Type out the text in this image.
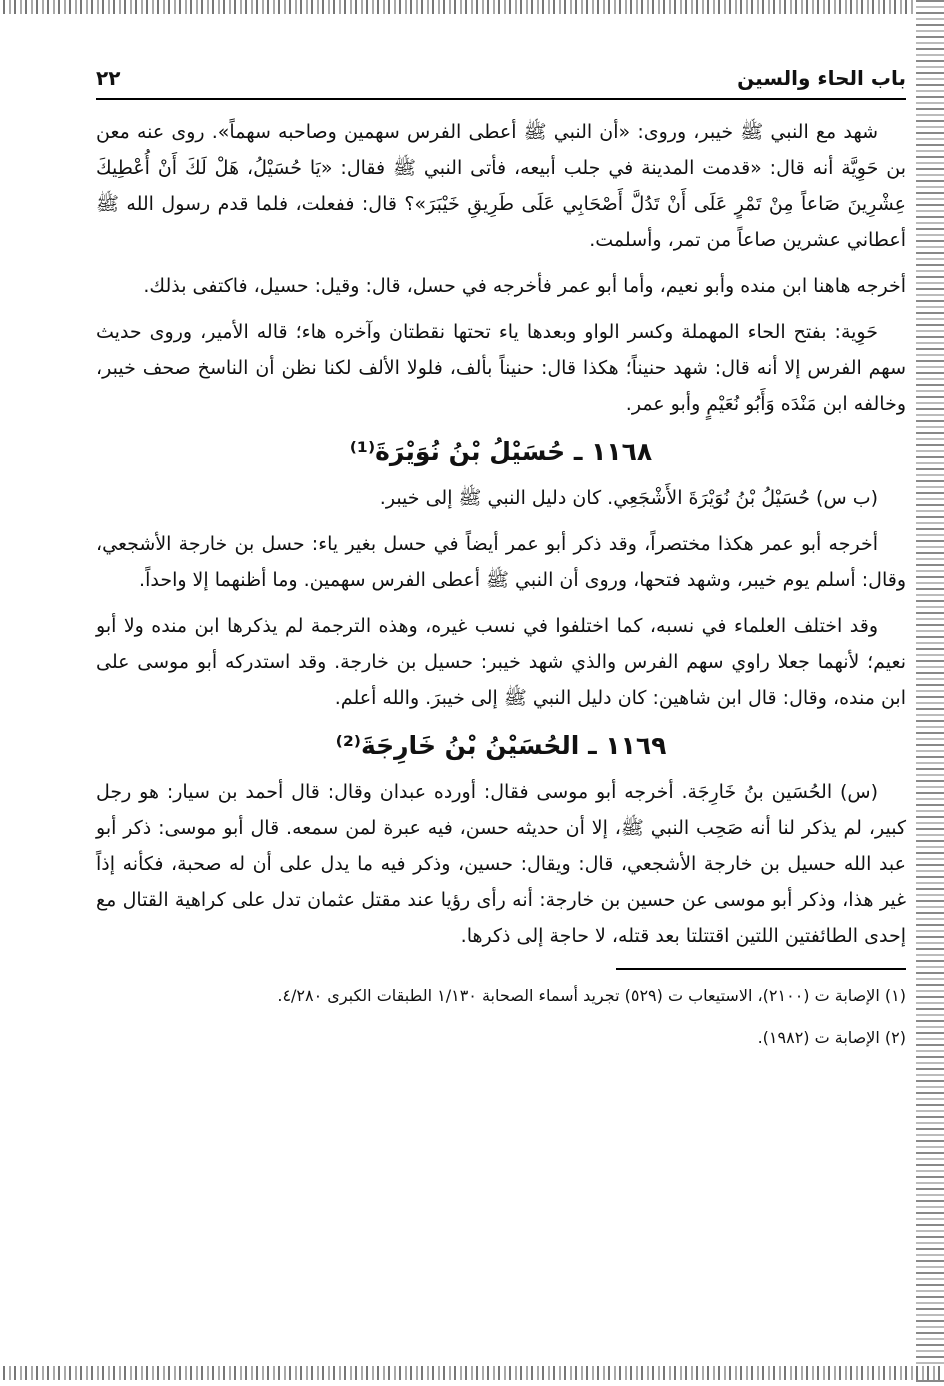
باب الحاء والسين
٢٢

شهد مع النبي ﷺ خيبر، وروى: «أن النبي ﷺ أعطى الفرس سهمين وصاحبه سهماً». روى عنه معن بن حَوِيَّة أنه قال: «قدمت المدينة في جلب أبيعه، فأتى النبي ﷺ فقال: «يَا حُسَيْلُ، هَلْ لَكَ أَنْ أُعْطِيكَ عِشْرِينَ صَاعاً مِنْ تَمْرٍ عَلَى أَنْ تَدُلَّ أَصْحَابِي عَلَى طَرِيقِ خَيْبَرَ»؟ قال: ففعلت، فلما قدم رسول الله ﷺ أعطاني عشرين صاعاً من تمر، وأسلمت.

أخرجه هاهنا ابن منده وأبو نعيم، وأما أبو عمر فأخرجه في حسل، قال: وقيل: حسيل، فاكتفى بذلك.

حَوِية: بفتح الحاء المهملة وكسر الواو وبعدها ياء تحتها نقطتان وآخره هاء؛ قاله الأمير، وروى حديث سهم الفرس إلا أنه قال: شهد حنيناً؛ هكذا قال: حنيناً بألف، فلولا الألف لكنا نظن أن الناسخ صحف خيبر، وخالفه ابن مَنْدَه وَأَبُو نُعَيْمٍ وأبو عمر.

١١٦٨ ـ حُسَيْلُ بْنُ نُوَيْرَةَ⁽¹⁾

(ب س) حُسَيْلُ بْنُ نُوَيْرَةَ الأَشْجَعِي. كان دليل النبي ﷺ إلى خيبر.

أخرجه أبو عمر هكذا مختصراً، وقد ذكر أبو عمر أيضاً في حسل بغير ياء: حسل بن خارجة الأشجعي، وقال: أسلم يوم خيبر، وشهد فتحها، وروى أن النبي ﷺ أعطى الفرس سهمين. وما أظنهما إلا واحداً.

وقد اختلف العلماء في نسبه، كما اختلفوا في نسب غيره، وهذه الترجمة لم يذكرها ابن منده ولا أبو نعيم؛ لأنهما جعلا راوي سهم الفرس والذي شهد خيبر: حسيل بن خارجة. وقد استدركه أبو موسى على ابن منده، وقال: قال ابن شاهين: كان دليل النبي ﷺ إلى خيبرَ. والله أعلم.

١١٦٩ ـ الحُسَيْنُ بْنُ خَارِجَةَ⁽²⁾

(س) الحُسَين بنُ خَارِجَة. أخرجه أبو موسى فقال: أورده عبدان وقال: قال أحمد بن سيار: هو رجل كبير، لم يذكر لنا أنه صَحِب النبي ﷺ، إلا أن حديثه حسن، فيه عبرة لمن سمعه. قال أبو موسى: ذكر أبو عبد الله حسيل بن خارجة الأشجعي، قال: ويقال: حسين، وذكر فيه ما يدل على أن له صحبة، فكأنه إذاً غير هذا، وذكر أبو موسى عن حسين بن خارجة: أنه رأى رؤيا عند مقتل عثمان تدل على كراهية القتال مع إحدى الطائفتين اللتين اقتتلتا بعد قتله، لا حاجة إلى ذكرها.

(١) الإصابة ت (٢١٠٠)، الاستيعاب ت (٥٢٩) تجريد أسماء الصحابة ١/١٣٠ الطبقات الكبرى ٤/٢٨٠.

(٢) الإصابة ت (١٩٨٢).
